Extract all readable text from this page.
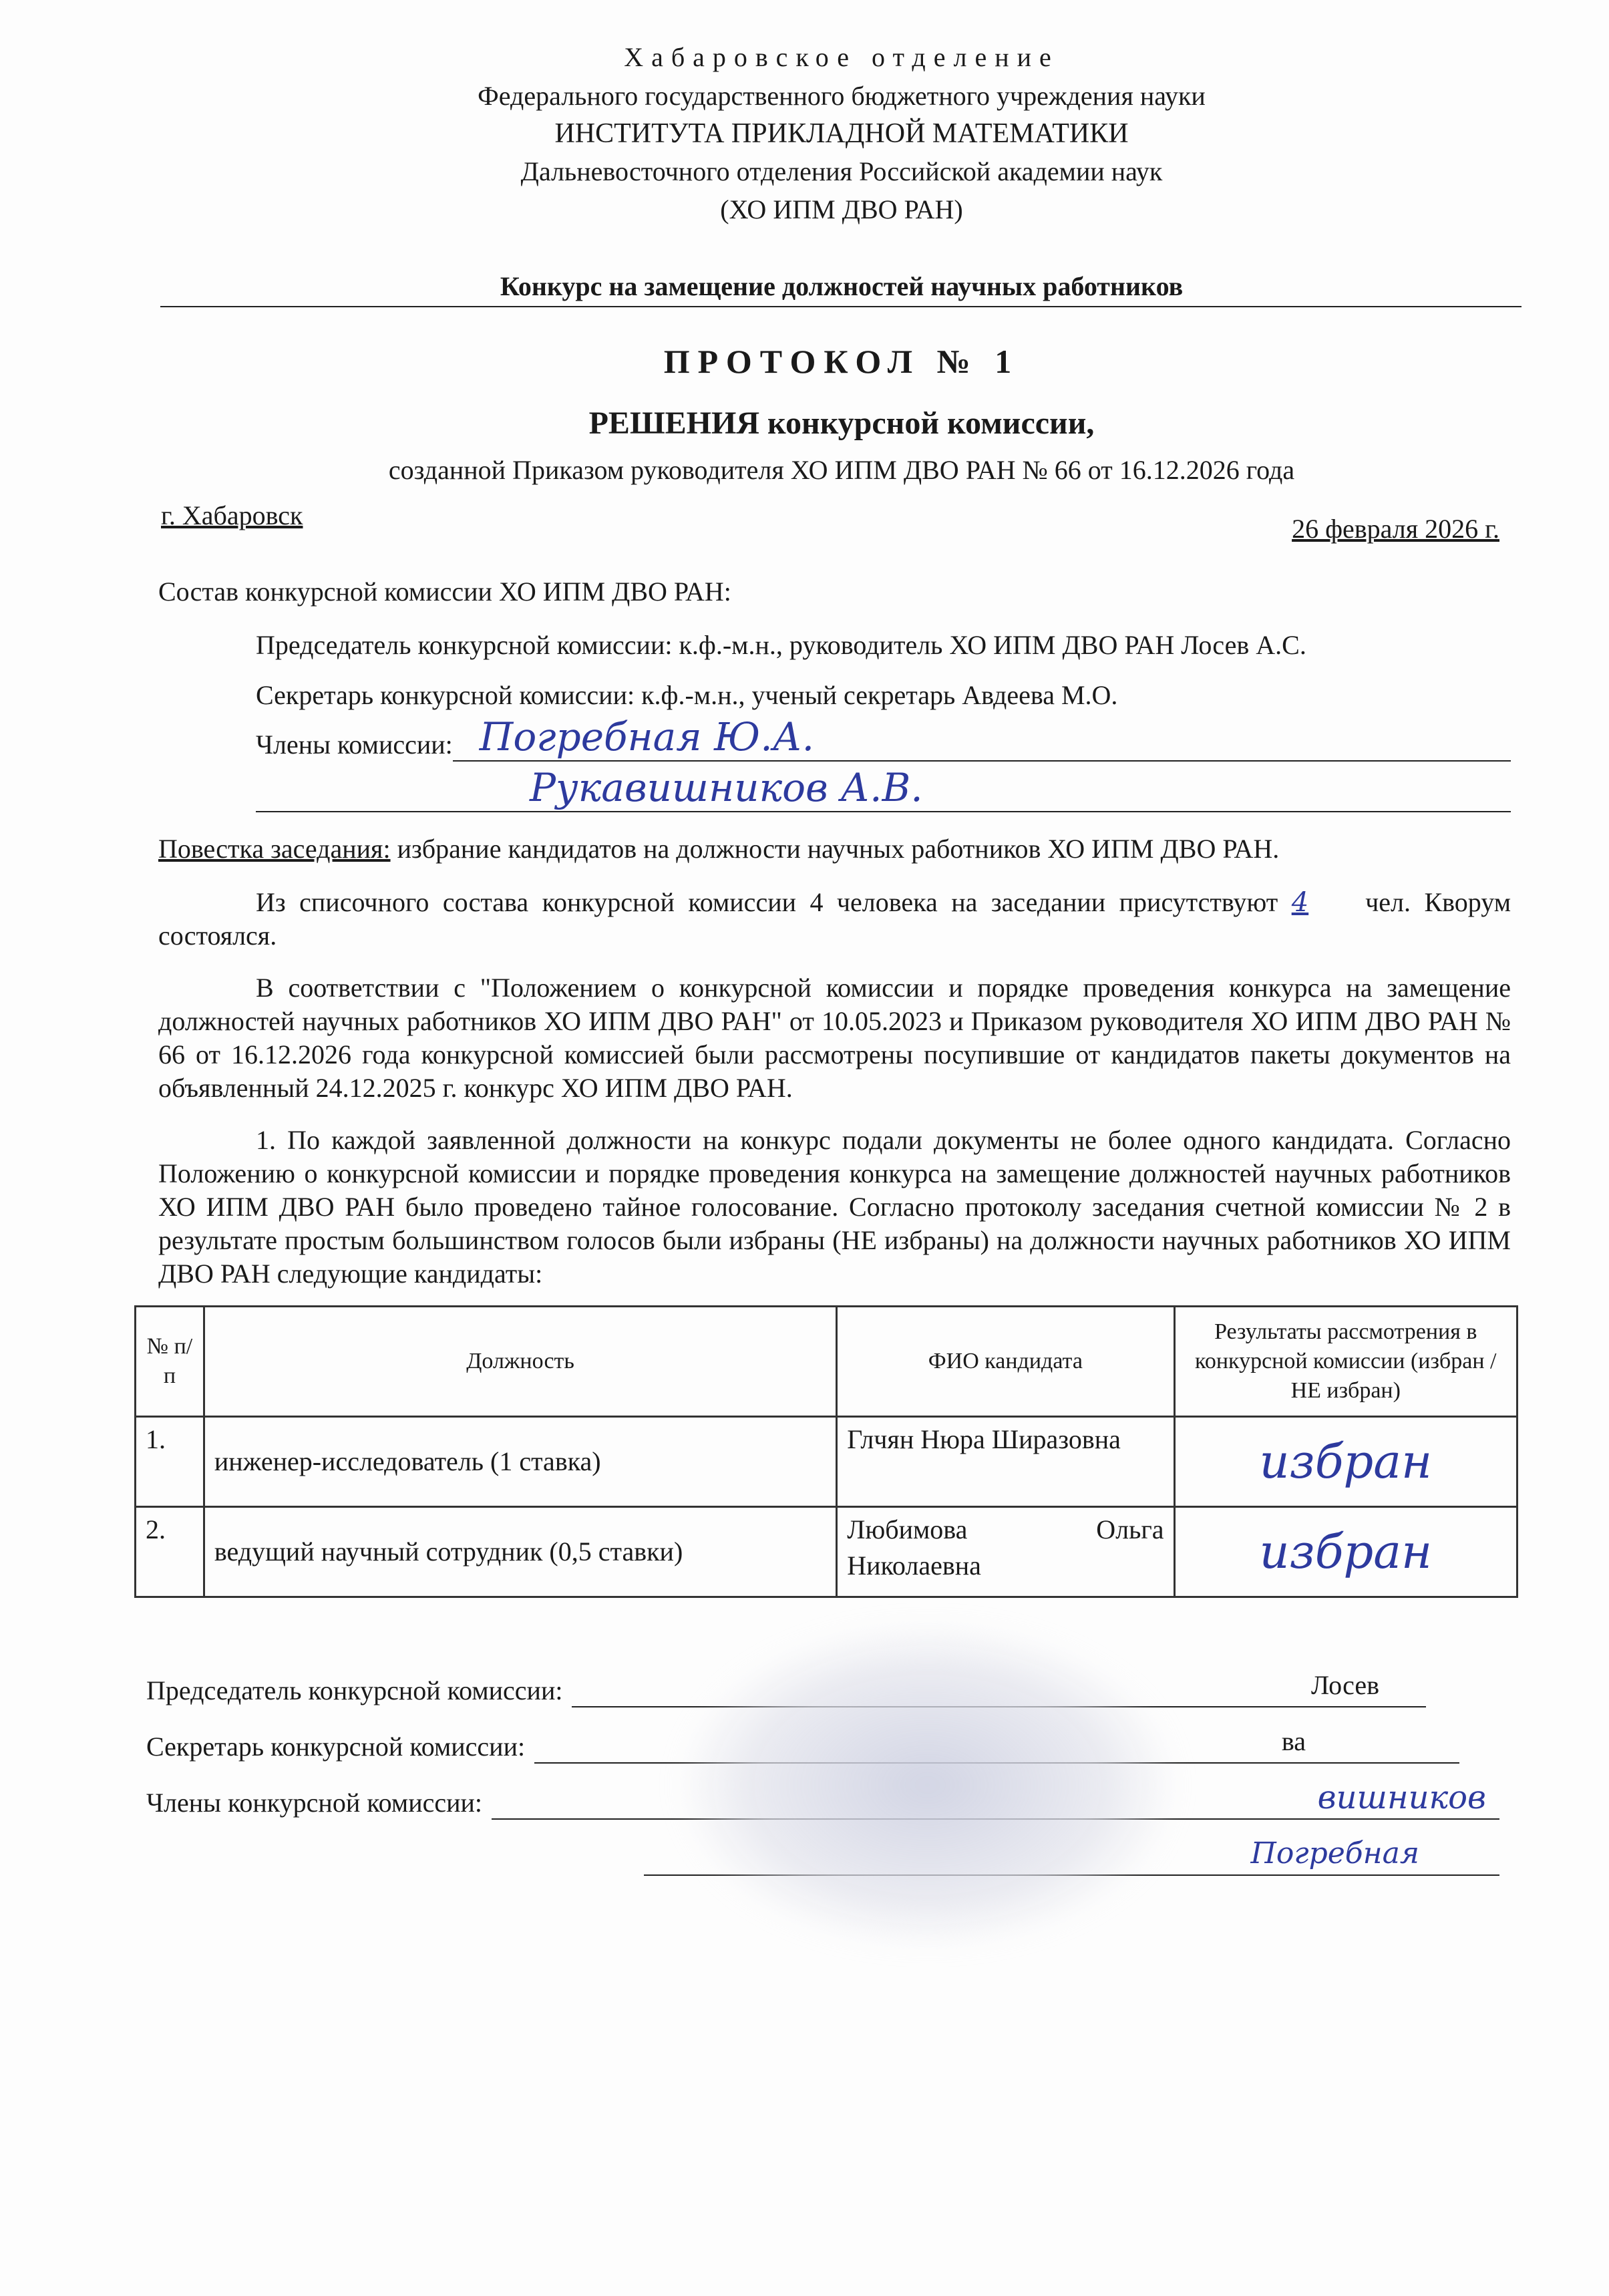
Хабаровское отделение
Федерального государственного бюджетного учреждения науки
ИНСТИТУТА ПРИКЛАДНОЙ МАТЕМАТИКИ
Дальневосточного отделения Российской академии наук
(ХО ИПМ ДВО РАН)
Конкурс на замещение должностей научных работников
ПРОТОКОЛ № 1
РЕШЕНИЯ конкурсной комиссии,
созданной Приказом руководителя ХО ИПМ ДВО РАН № 66 от 16.12.2026 года
г. Хабаровск	26 февраля 2026 г.
Состав конкурсной комиссии ХО ИПМ ДВО РАН:

Председатель конкурсной комиссии: к.ф.-м.н., руководитель ХО ИПМ ДВО РАН Лосев А.С.

Секретарь конкурсной комиссии: к.ф.-м.н., ученый секретарь Авдеева М.О.
Члены комиссии: Погребная Ю.А.
Рукавишников А.В.

Повестка заседания: избрание кандидатов на должности научных работников ХО ИПМ ДВО РАН.

Из списочного состава конкурсной комиссии 4 человека на заседании присутствуют 4 чел. Кворум состоялся.

В соответствии с "Положением о конкурсной комиссии и порядке проведения конкурса на замещение должностей научных работников ХО ИПМ ДВО РАН" от 10.05.2023 и Приказом руководителя ХО ИПМ ДВО РАН № 66 от 16.12.2026 года конкурсной комиссией были рассмотрены посупившие от кандидатов пакеты документов на объявленный 24.12.2025 г. конкурс ХО ИПМ ДВО РАН.

1. По каждой заявленной должности на конкурс подали документы не более одного кандидата. Согласно Положению о конкурсной комиссии и порядке проведения конкурса на замещение должностей научных работников ХО ИПМ ДВО РАН было проведено тайное голосование. Согласно протоколу заседания счетной комиссии № 2 в результате простым большинством голосов были избраны (НЕ избраны) на должности научных работников ХО ИПМ ДВО РАН следующие кандидаты:

№ п/п	Должность	ФИО кандидата	Результаты рассмотрения в конкурсной комиссии (избран / НЕ избран)
1.	инженер-исследователь (1 ставка)	Глчян Нюра Ширазовна	избран
2.	ведущий научный сотрудник (0,5 ставки)	Любимова Ольга Николаевна	избран
Председатель конкурсной комиссии:	Лосев
Секретарь конкурсной комиссии:	ва
Члены конкурсной комиссии:	вишников
Погребная
